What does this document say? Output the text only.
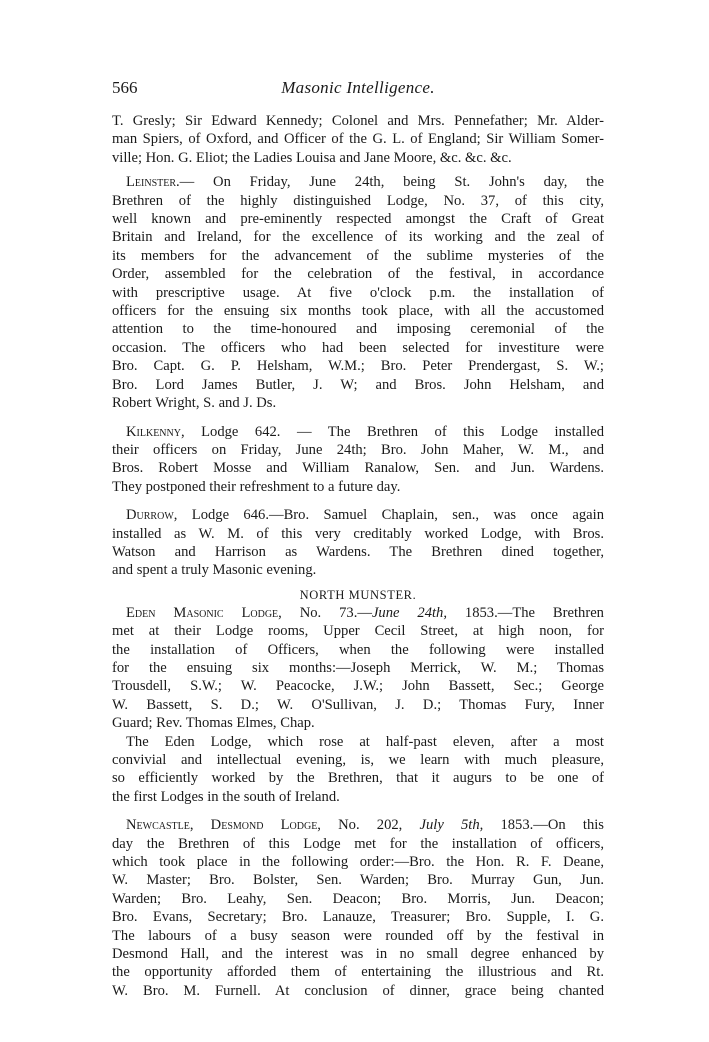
566	Masonic Intelligence.
T. Gresly; Sir Edward Kennedy; Colonel and Mrs. Pennefather; Mr. Alder-
man Spiers, of Oxford, and Officer of the G. L. of England; Sir William Somer-
ville; Hon. G. Eliot; the Ladies Louisa and Jane Moore, &c. &c. &c.
Leinster.— On Friday, June 24th, being St. John's day, the
Brethren of the highly distinguished Lodge, No. 37, of this city,
well known and pre-eminently respected amongst the Craft of Great
Britain and Ireland, for the excellence of its working and the zeal of
its members for the advancement of the sublime mysteries of the
Order, assembled for the celebration of the festival, in accordance
with prescriptive usage. At five o'clock p.m. the installation of
officers for the ensuing six months took place, with all the accustomed
attention to the time-honoured and imposing ceremonial of the
occasion. The officers who had been selected for investiture were
Bro. Capt. G. P. Helsham, W.M.; Bro. Peter Prendergast, S. W.;
Bro. Lord James Butler, J. W; and Bros. John Helsham, and
Robert Wright, S. and J. Ds.
Kilkenny, Lodge 642. — The Brethren of this Lodge installed
their officers on Friday, June 24th; Bro. John Maher, W. M., and
Bros. Robert Mosse and William Ranalow, Sen. and Jun. Wardens.
They postponed their refreshment to a future day.
Durrow, Lodge 646.—Bro. Samuel Chaplain, sen., was once again
installed as W. M. of this very creditably worked Lodge, with Bros.
Watson and Harrison as Wardens. The Brethren dined together,
and spent a truly Masonic evening.
NORTH MUNSTER.
Eden Masonic Lodge, No. 73.—June 24th, 1853.—The Brethren
met at their Lodge rooms, Upper Cecil Street, at high noon, for
the installation of Officers, when the following were installed
for the ensuing six months:—Joseph Merrick, W. M.; Thomas
Trousdell, S.W.; W. Peacocke, J.W.; John Bassett, Sec.; George
W. Bassett, S. D.; W. O'Sullivan, J. D.; Thomas Fury, Inner
Guard; Rev. Thomas Elmes, Chap.
The Eden Lodge, which rose at half-past eleven, after a most
convivial and intellectual evening, is, we learn with much pleasure,
so efficiently worked by the Brethren, that it augurs to be one of
the first Lodges in the south of Ireland.
Newcastle, Desmond Lodge, No. 202, July 5th, 1853.—On this
day the Brethren of this Lodge met for the installation of officers,
which took place in the following order:—Bro. the Hon. R. F. Deane,
W. Master; Bro. Bolster, Sen. Warden; Bro. Murray Gun, Jun.
Warden; Bro. Leahy, Sen. Deacon; Bro. Morris, Jun. Deacon;
Bro. Evans, Secretary; Bro. Lanauze, Treasurer; Bro. Supple, I. G.
The labours of a busy season were rounded off by the festival in
Desmond Hall, and the interest was in no small degree enhanced by
the opportunity afforded them of entertaining the illustrious and Rt.
W. Bro. M. Furnell. At conclusion of dinner, grace being chanted
